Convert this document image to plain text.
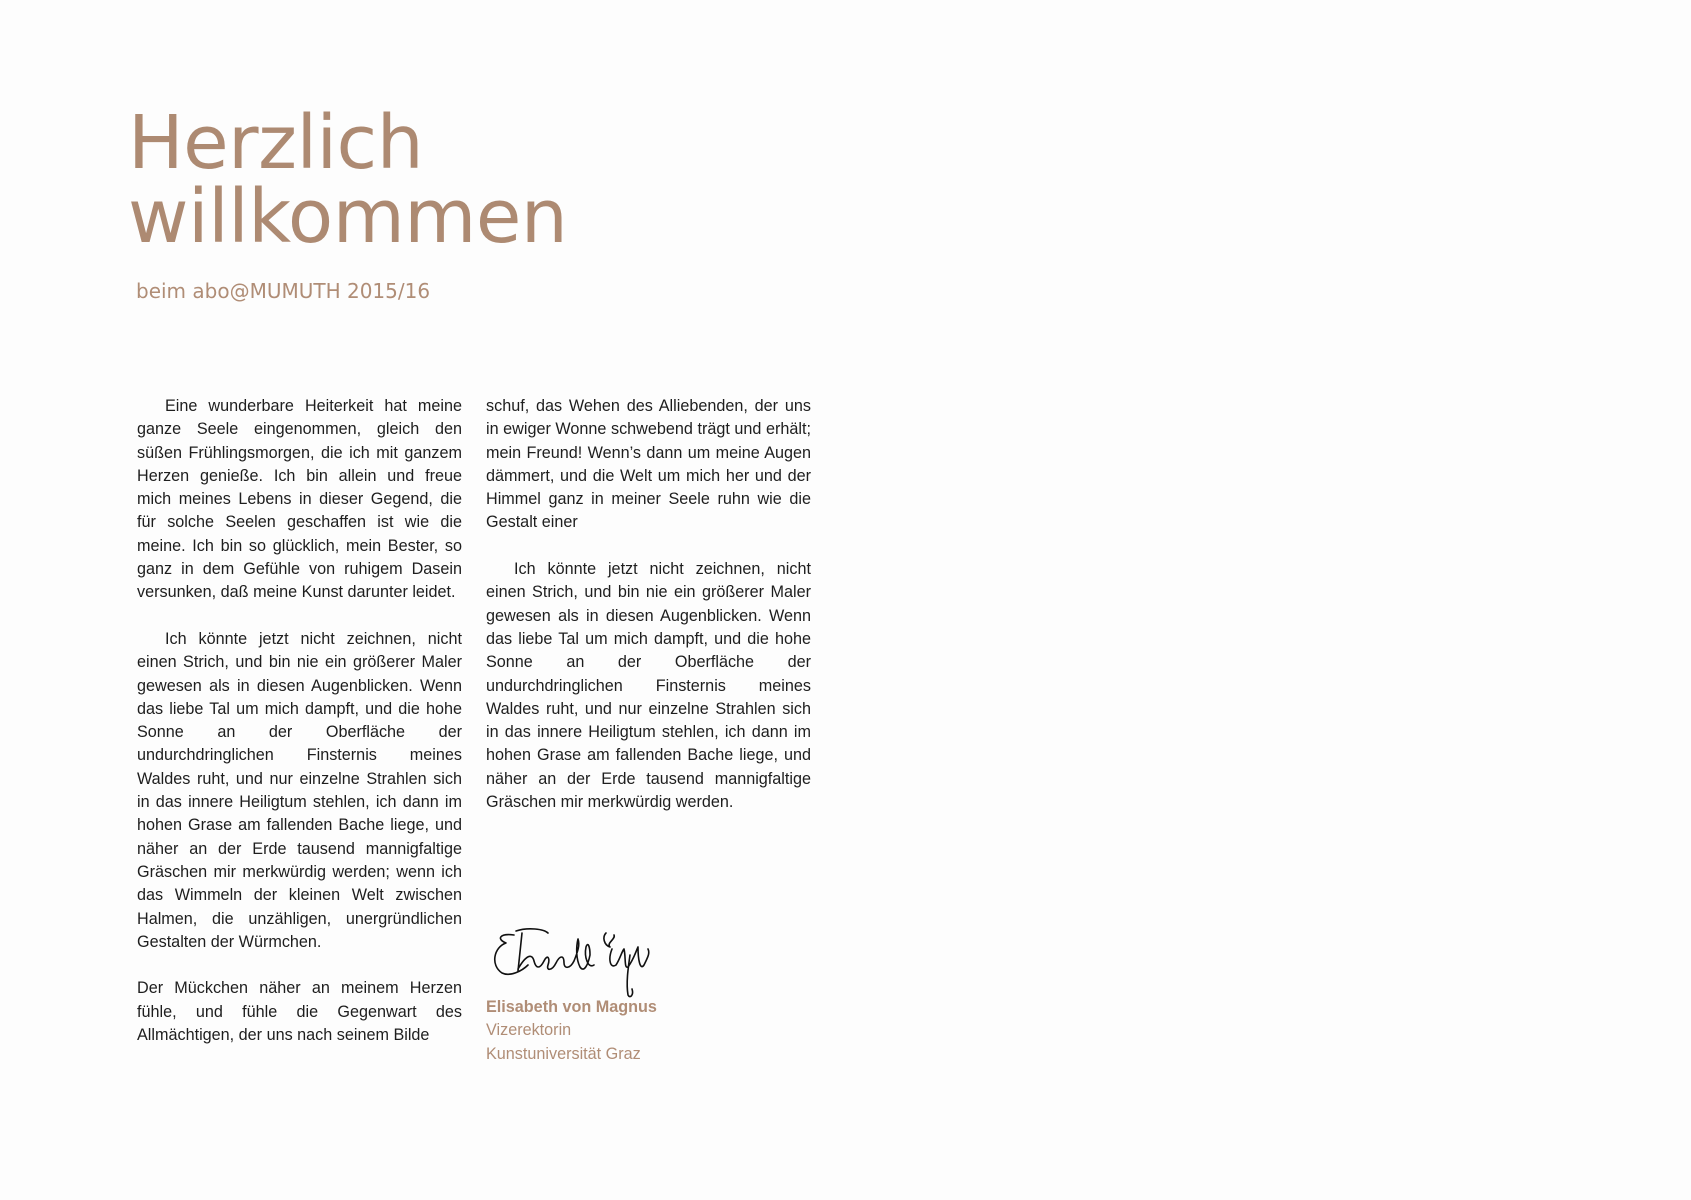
Herzlich
willkommen

beim abo@MUMUTH 2015/16

Eine wunderbare Heiterkeit hat meine ganze Seele eingenommen, gleich den süßen Frühlingsmorgen, die ich mit ganzem Herzen genieße. Ich bin allein und freue mich meines Lebens in dieser Gegend, die für solche Seelen geschaffen ist wie die meine. Ich bin so glücklich, mein Bester, so ganz in dem Gefühle von ruhigem Dasein versunken, daß meine Kunst darunter leidet.

Ich könnte jetzt nicht zeichnen, nicht einen Strich, und bin nie ein größerer Maler gewesen als in diesen Augenblicken. Wenn das liebe Tal um mich dampft, und die hohe Sonne an der Oberfläche der undurchdringlichen Finsternis meines Waldes ruht, und nur einzelne Strahlen sich in das innere Heiligtum stehlen, ich dann im hohen Grase am fallenden Bache liege, und näher an der Erde tausend mannigfaltige Gräschen mir merkwürdig werden; wenn ich das Wimmeln der kleinen Welt zwischen Halmen, die unzähligen, unergründlichen Gestalten der Würmchen.

Der Mückchen näher an meinem Herzen fühle, und fühle die Gegenwart des Allmächtigen, der uns nach seinem Bilde

schuf, das Wehen des Alliebenden, der uns in ewiger Wonne schwebend trägt und erhält; mein Freund! Wenn’s dann um meine Augen dämmert, und die Welt um mich her und der Himmel ganz in meiner Seele ruhn wie die Gestalt einer

Ich könnte jetzt nicht zeichnen, nicht einen Strich, und bin nie ein größerer Maler gewesen als in diesen Augenblicken. Wenn das liebe Tal um mich dampft, und die hohe Sonne an der Oberfläche der undurchdringlichen Finsternis meines Waldes ruht, und nur einzelne Strahlen sich in das innere Heiligtum stehlen, ich dann im hohen Grase am fallenden Bache liege, und näher an der Erde tausend mannigfaltige Gräschen mir merkwürdig werden.

Elisabeth von Magnus
Vizerektorin
Kunstuniversität Graz
